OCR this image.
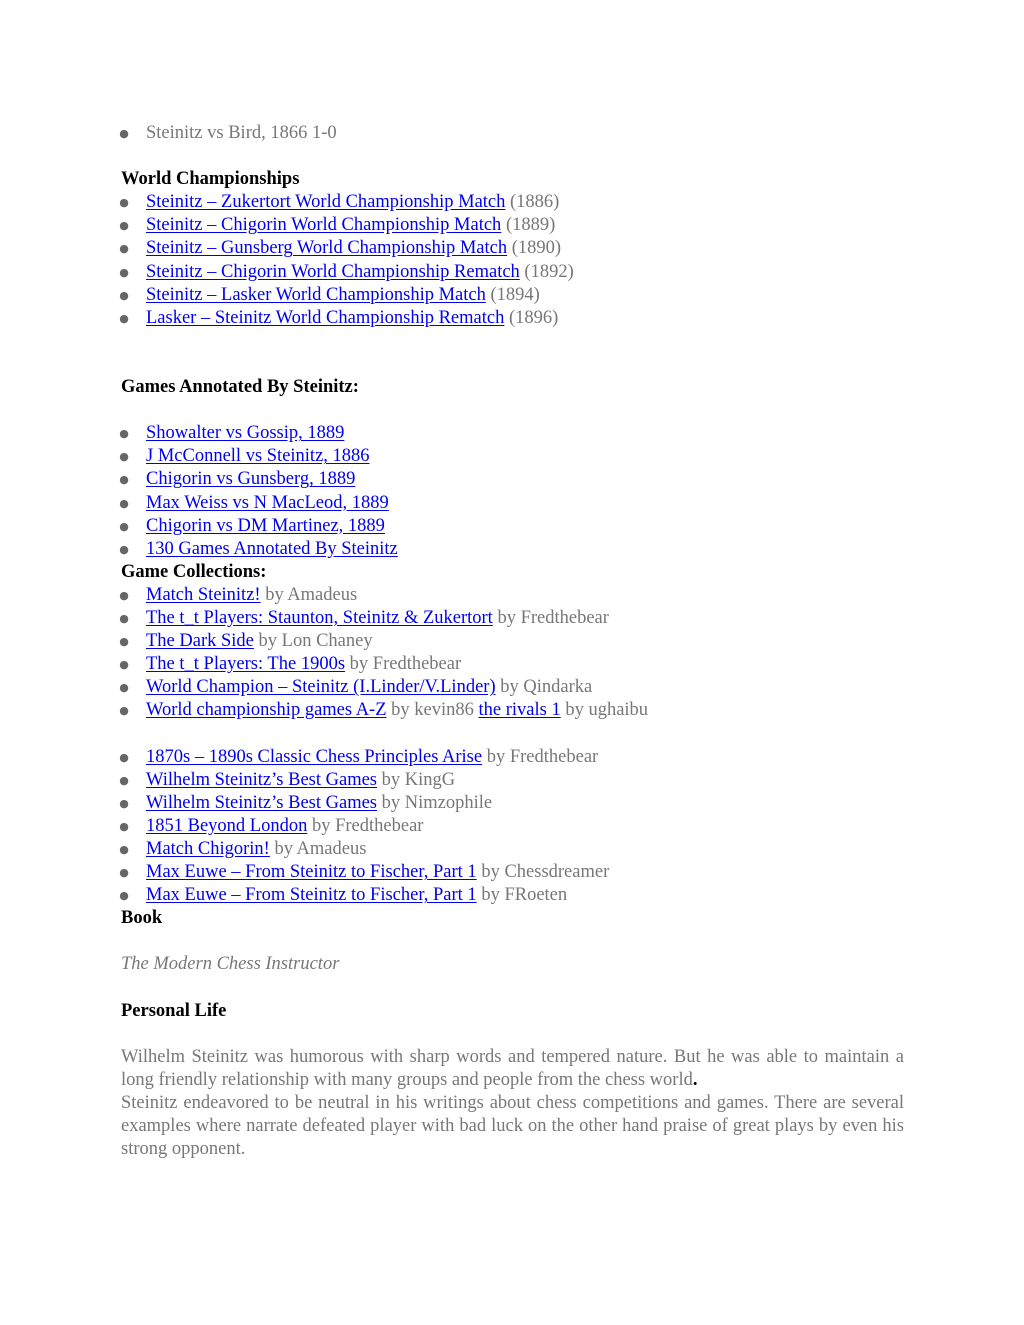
● Steinitz vs Bird, 1866 1-0
World Championships
● Steinitz – Zukertort World Championship Match (1886)
● Steinitz – Chigorin World Championship Match (1889)
● Steinitz – Gunsberg World Championship Match (1890)
● Steinitz – Chigorin World Championship Rematch (1892)
● Steinitz – Lasker World Championship Match (1894)
● Lasker – Steinitz World Championship Rematch (1896)
Games Annotated By Steinitz:
● Showalter vs Gossip, 1889
● J McConnell vs Steinitz, 1886
● Chigorin vs Gunsberg, 1889
● Max Weiss vs N MacLeod, 1889
● Chigorin vs DM Martinez, 1889
● 130 Games Annotated By Steinitz
Game Collections:
● Match Steinitz! by Amadeus
● The t_t Players: Staunton, Steinitz & Zukertort by Fredthebear
● The Dark Side by Lon Chaney
● The t_t Players: The 1900s by Fredthebear
● World Champion – Steinitz (I.Linder/V.Linder) by Qindarka
● World championship games A-Z by kevin86 the rivals 1 by ughaibu
● 1870s – 1890s Classic Chess Principles Arise by Fredthebear
● Wilhelm Steinitz’s Best Games by KingG
● Wilhelm Steinitz’s Best Games by Nimzophile
● 1851 Beyond London by Fredthebear
● Match Chigorin! by Amadeus
● Max Euwe – From Steinitz to Fischer, Part 1 by Chessdreamer
● Max Euwe – From Steinitz to Fischer, Part 1 by FRoeten
Book
The Modern Chess Instructor
Personal Life
Wilhelm Steinitz was humorous with sharp words and tempered nature. But he was able to maintain a long friendly relationship with many groups and people from the chess world.
Steinitz endeavored to be neutral in his writings about chess competitions and games. There are several examples where narrate defeated player with bad luck on the other hand praise of great plays by even his strong opponent.
